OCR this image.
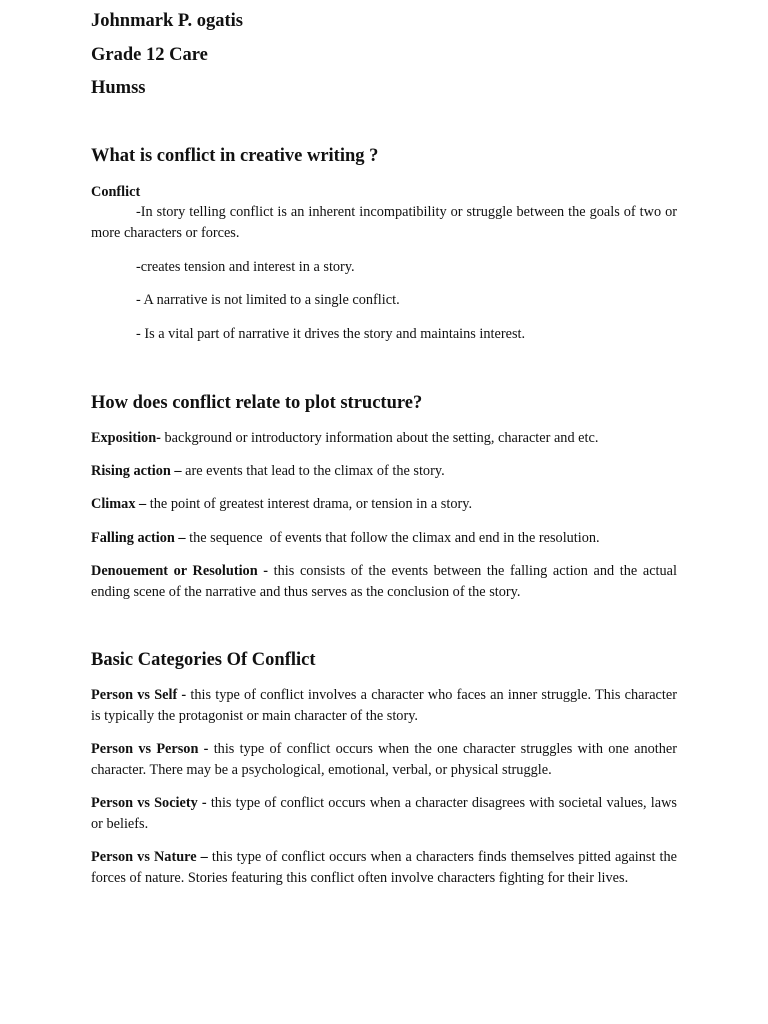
Johnmark P. ogatis
Grade 12 Care
Humss
What is conflict in creative writing ?
Conflict
-In story telling conflict is an inherent incompatibility or struggle between the goals of two or more characters or forces.
-creates tension and interest in a story.
- A narrative is not limited to a single conflict.
- Is a vital part of narrative it drives the story and maintains interest.
How does conflict relate to plot structure?
Exposition- background or introductory information about the setting, character and etc.
Rising action – are events that lead to the climax of the story.
Climax – the point of greatest interest drama, or tension in a story.
Falling action – the sequence  of events that follow the climax and end in the resolution.
Denouement or Resolution - this consists of the events between the falling action and the actual ending scene of the narrative and thus serves as the conclusion of the story.
Basic Categories Of Conflict
Person vs Self - this type of conflict involves a character who faces an inner struggle. This character is typically the protagonist or main character of the story.
Person vs Person - this type of conflict occurs when the one character struggles with one another character. There may be a psychological, emotional, verbal, or physical struggle.
Person vs Society - this type of conflict occurs when a character disagrees with societal values, laws or beliefs.
Person vs Nature – this type of conflict occurs when a characters finds themselves pitted against the forces of nature. Stories featuring this conflict often involve characters fighting for their lives.
